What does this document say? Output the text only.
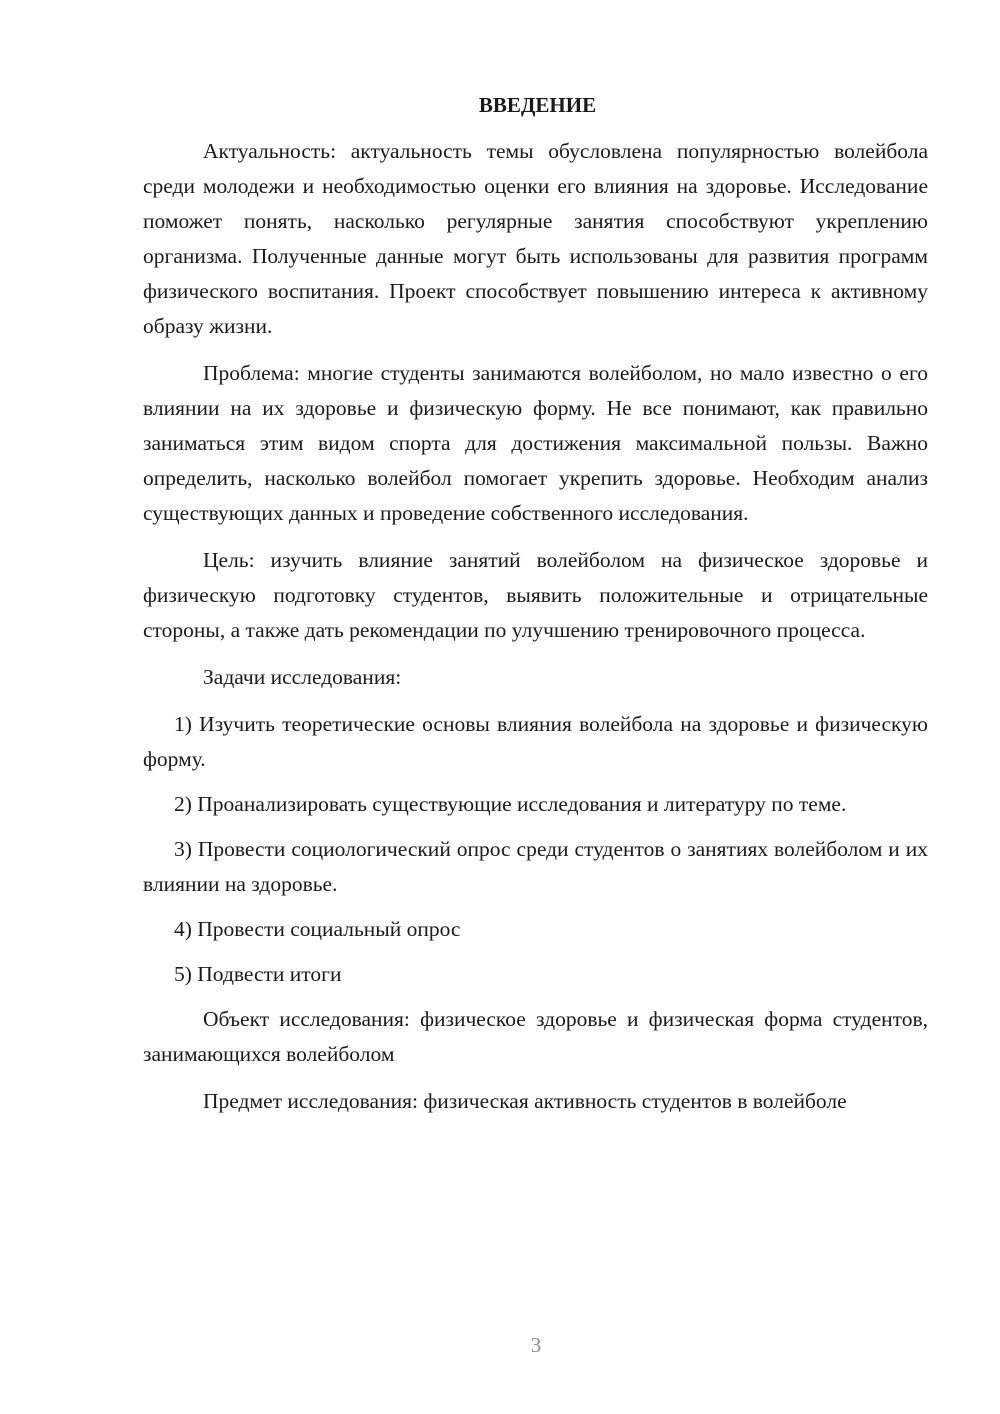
ВВЕДЕНИЕ

Актуальность: актуальность темы обусловлена популярностью волейбола среди молодежи и необходимостью оценки его влияния на здоровье. Исследование поможет понять, насколько регулярные занятия способствуют укреплению организма. Полученные данные могут быть использованы для развития программ физического воспитания. Проект способствует повышению интереса к активному образу жизни.

Проблема: многие студенты занимаются волейболом, но мало известно о его влиянии на их здоровье и физическую форму. Не все понимают, как правильно заниматься этим видом спорта для достижения максимальной пользы. Важно определить, насколько волейбол помогает укрепить здоровье. Необходим анализ существующих данных и проведение собственного исследования.

Цель: изучить влияние занятий волейболом на физическое здоровье и физическую подготовку студентов, выявить положительные и отрицательные стороны, а также дать рекомендации по улучшению тренировочного процесса.

Задачи исследования:

1) Изучить теоретические основы влияния волейбола на здоровье и физическую форму.

2) Проанализировать существующие исследования и литературу по теме.

3) Провести социологический опрос среди студентов о занятиях волейболом и их влиянии на здоровье.

4) Провести социальный опрос

5) Подвести итоги

Объект исследования: физическое здоровье и физическая форма студентов, занимающихся волейболом

Предмет исследования: физическая активность студентов в волейболе

3
